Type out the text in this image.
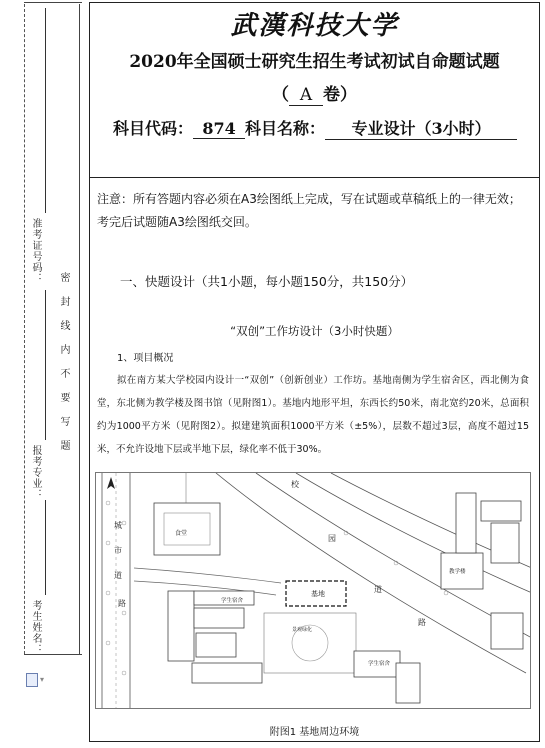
准考证号码：
报考专业：
考生姓名：
密封线内不要写题
▾
武漢科技大学
2020年全国硕士研究生招生考试初试自命题试题
（ A 卷）
科目代码： 874 科目名称： 专业设计（3小时）
注意：所有答题内容必须在A3绘图纸上完成，写在试题或草稿纸上的一律无效；考完后试题随A3绘图纸交回。
一、快题设计（共1小题，每小题150分，共150分）
“双创”工作坊设计（3小时快题）
1、项目概况
拟在南方某大学校园内设计一“双创”（创新创业）工作坊。基地南侧为学生宿舍区，西北侧为食堂，东北侧为教学楼及图书馆（见附图1）。基地内地形平坦，东西长约50米，南北宽约20米，总面积约为1000平方米（见附图2）。拟建建筑面积1000平方米（±5%），层数不超过3层，高度不超过15米，不允许设地下层或半地下层，绿化率不低于30%。
食堂
学生宿舍
基地
景观绿化
学生宿舍
教学楼
城
市
道
路
校
园
道
路
附图1 基地周边环境
